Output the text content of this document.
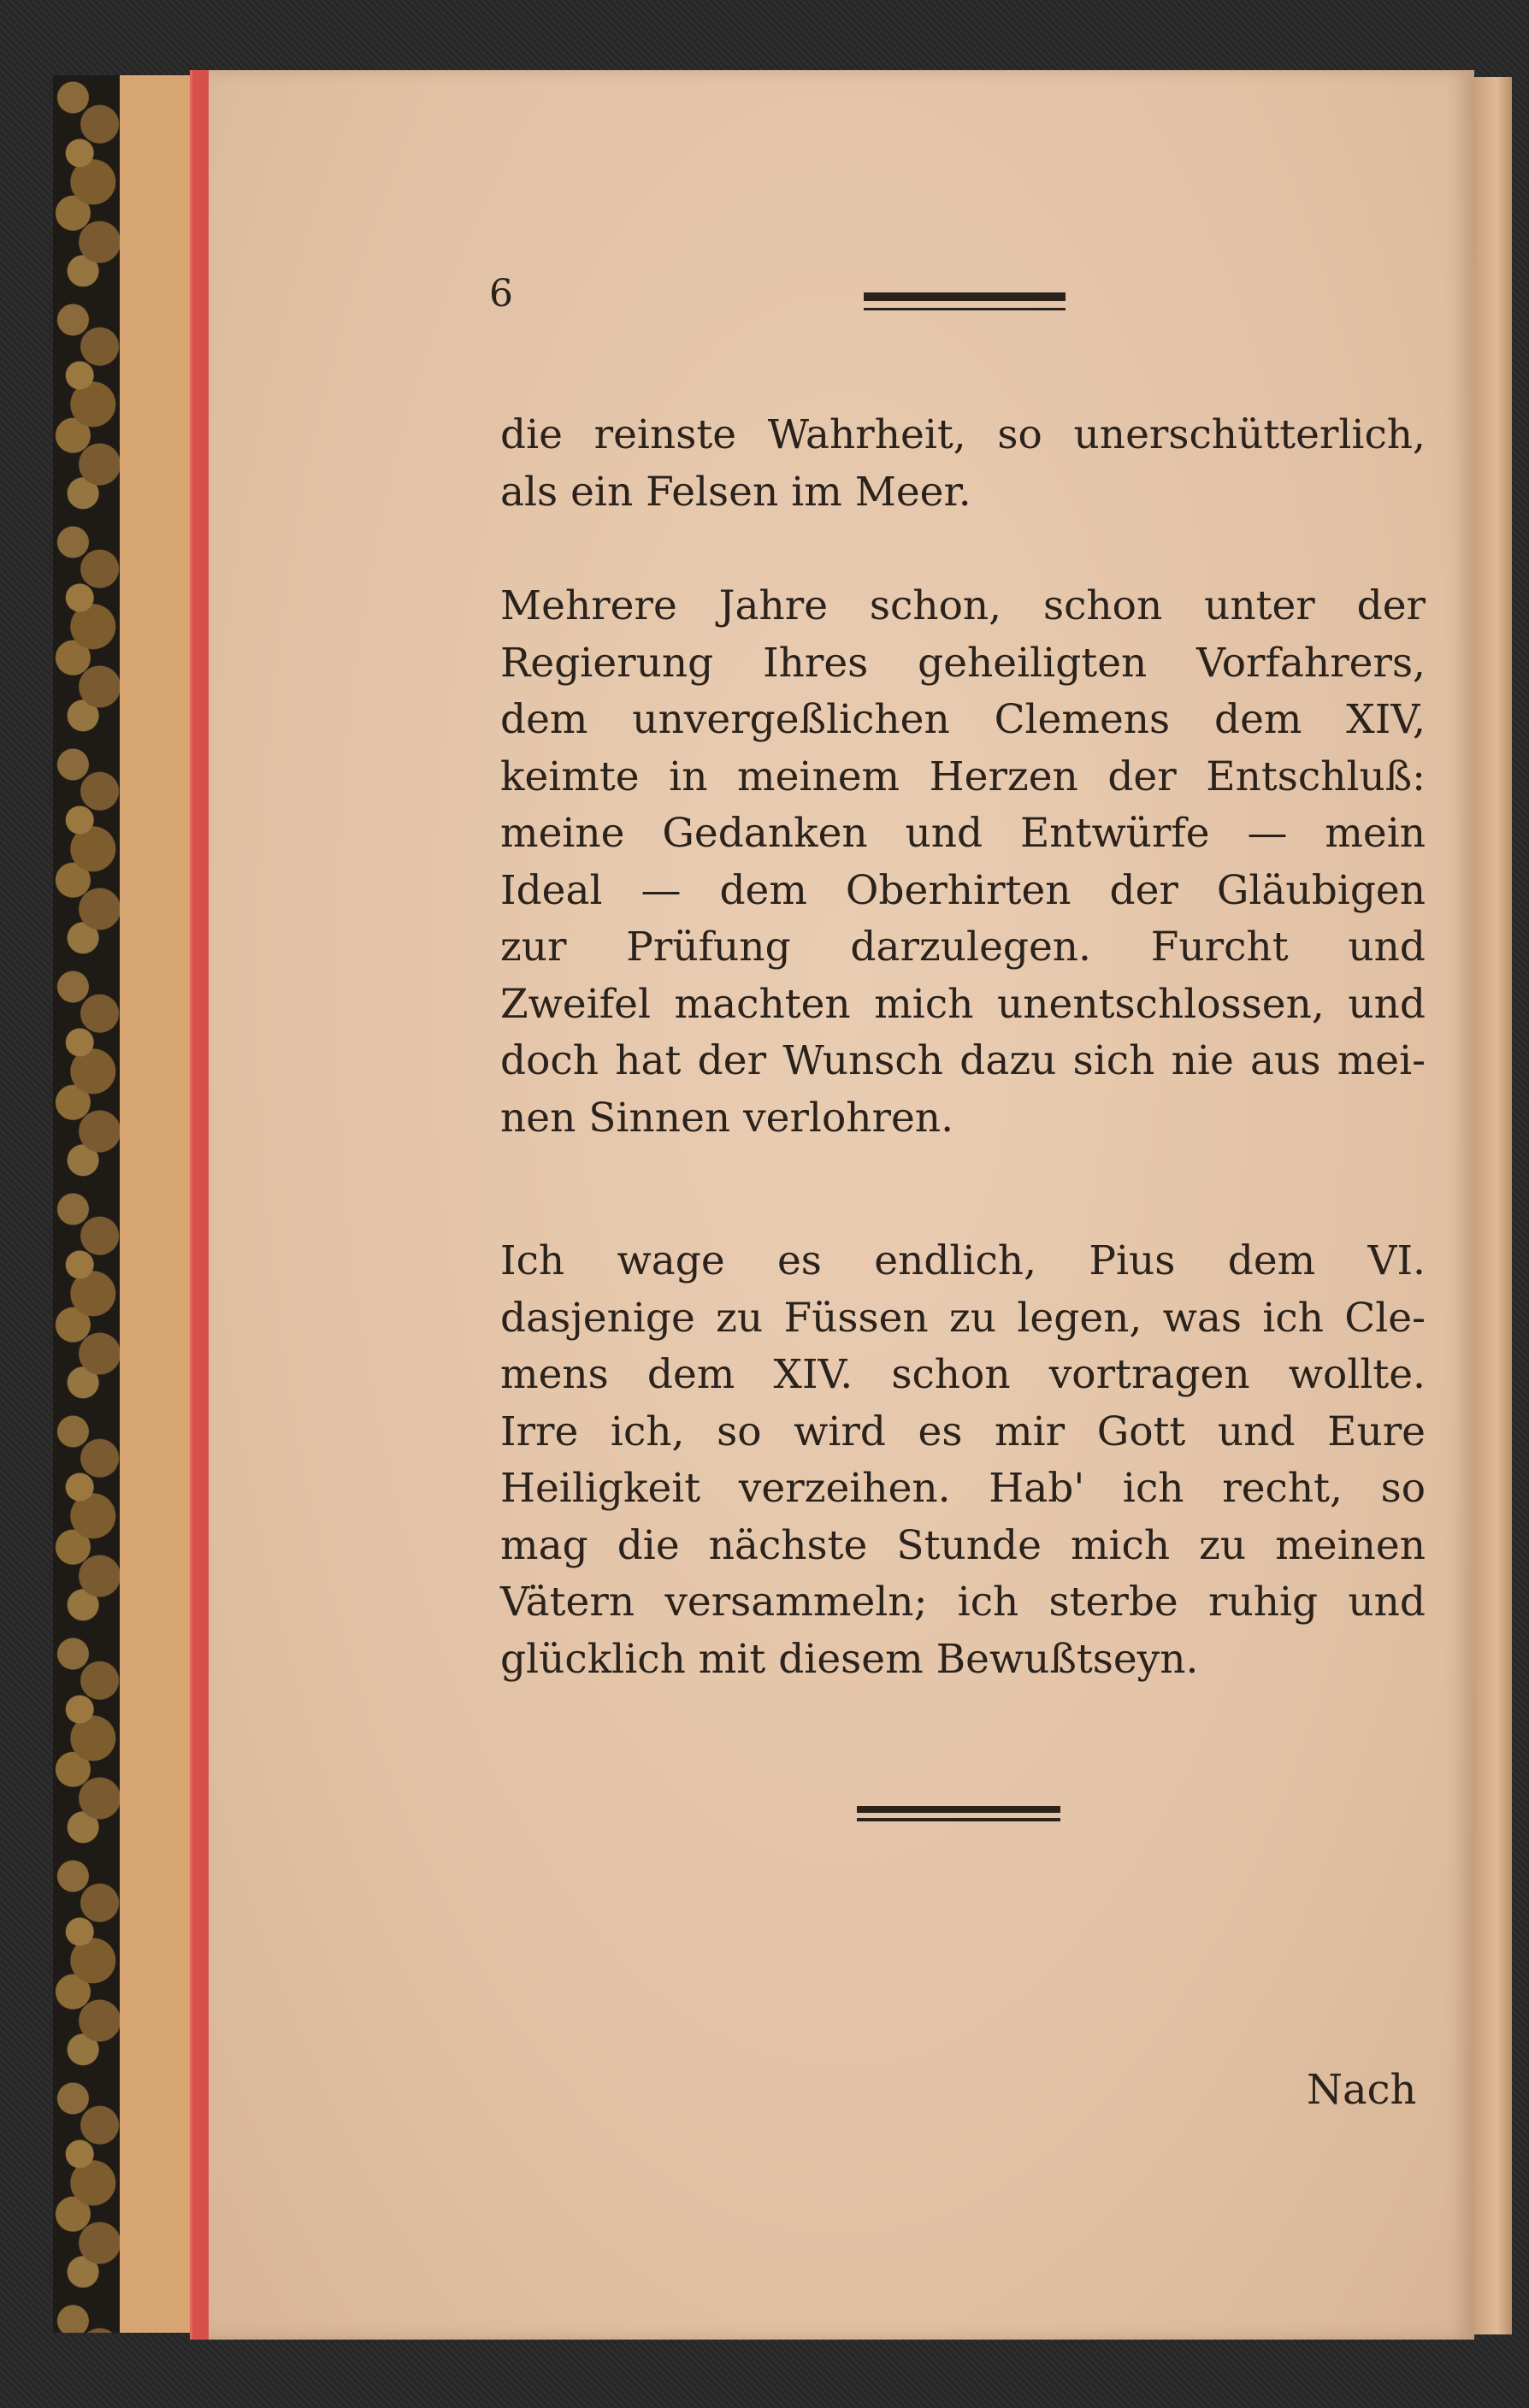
6
die reinste Wahrheit, so unerschütterlich,
als ein Felsen im Meer.
Mehrere Jahre schon, schon unter der
Regierung Ihres geheiligten Vorfahrers,
dem unvergeßlichen Clemens dem XIV,
keimte in meinem Herzen der Entschluß:
meine Gedanken und Entwürfe — mein
Ideal — dem Oberhirten der Gläubigen
zur Prüfung darzulegen. Furcht und
Zweifel machten mich unentschlossen, und
doch hat der Wunsch dazu sich nie aus mei-
nen Sinnen verlohren.
Ich wage es endlich, Pius dem VI.
dasjenige zu Füssen zu legen, was ich Cle-
mens dem XIV. schon vortragen wollte.
Irre ich, so wird es mir Gott und Eure
Heiligkeit verzeihen. Hab' ich recht, so
mag die nächste Stunde mich zu meinen
Vätern versammeln; ich sterbe ruhig und
glücklich mit diesem Bewußtseyn.
Nach
